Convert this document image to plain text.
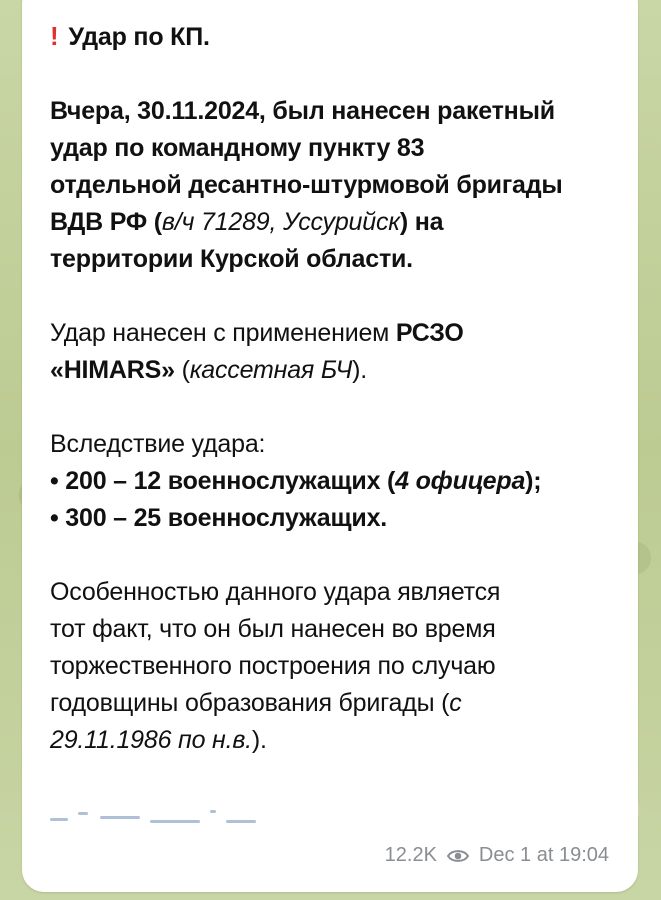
! Удар по КП.
Вчера, 30.11.2024, был нанесен ракетный
удар по командному пункту 83
отдельной десантно-штурмовой бригады
ВДВ РФ (в/ч 71289, Уссурийск) на
территории Курской области.
Удар нанесен с применением РСЗО
«HIMARS» (кассетная БЧ).
Вследствие удара:
• 200 – 12 военнослужащих (4 офицера);
• 300 – 25 военнослужащих.
Особенностью данного удара является
тот факт, что он был нанесен во время
торжественного построения по случаю
годовщины образования бригады (с
29.11.1986 по н.в.).
12.2K Dec 1 at 19:04
